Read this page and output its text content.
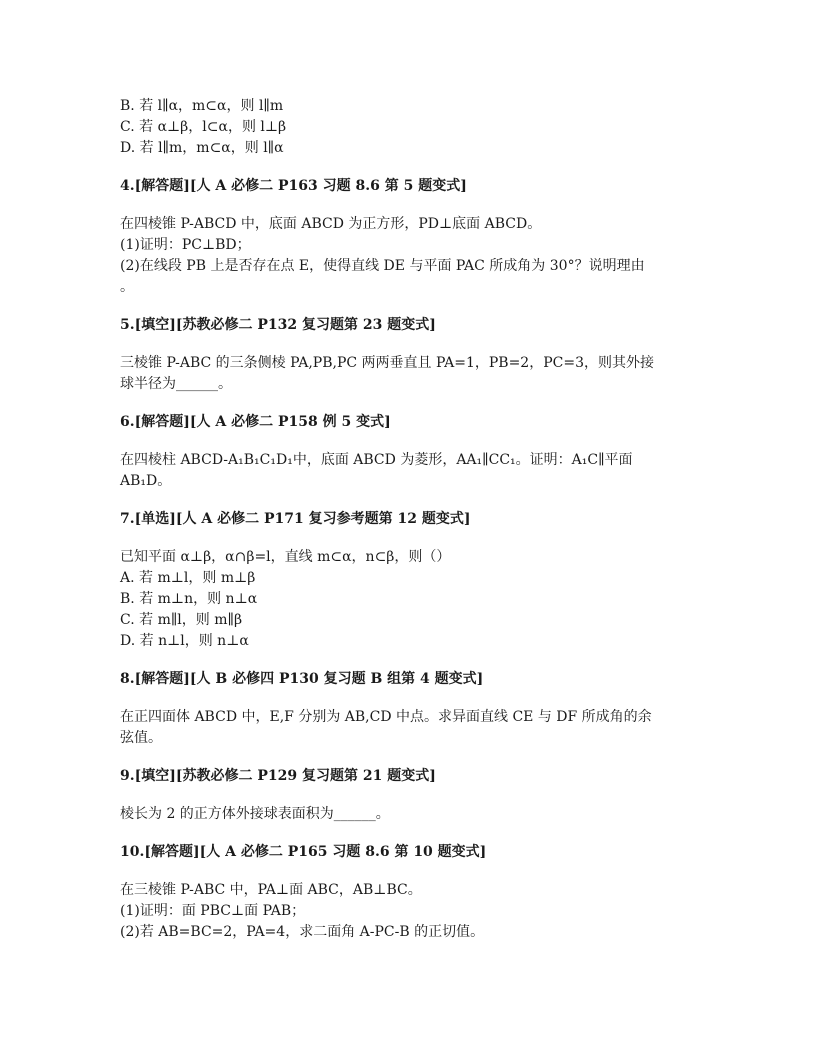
B. 若 l∥α，m⊂α，则 l∥m
C. 若 α⊥β，l⊂α，则 l⊥β
D. 若 l∥m，m⊂α，则 l∥α
4.[解答题][人 A 必修二 P163 习题 8.6 第 5 题变式]
在四棱锥 P-ABCD 中，底面 ABCD 为正方形，PD⊥底面 ABCD。
(1)证明：PC⊥BD；
(2)在线段 PB 上是否存在点 E，使得直线 DE 与平面 PAC 所成角为 30°？说明理由
。
5.[填空][苏教必修二 P132 复习题第 23 题变式]
三棱锥 P-ABC 的三条侧棱 PA,PB,PC 两两垂直且 PA=1，PB=2，PC=3，则其外接
球半径为______。
6.[解答题][人 A 必修二 P158 例 5 变式]
在四棱柱 ABCD-A₁B₁C₁D₁中，底面 ABCD 为菱形，AA₁∥CC₁。证明：A₁C∥平面
AB₁D。
7.[单选][人 A 必修二 P171 复习参考题第 12 题变式]
已知平面 α⊥β，α∩β=l，直线 m⊂α，n⊂β，则（）
A. 若 m⊥l，则 m⊥β
B. 若 m⊥n，则 n⊥α
C. 若 m∥l，则 m∥β
D. 若 n⊥l，则 n⊥α
8.[解答题][人 B 必修四 P130 复习题 B 组第 4 题变式]
在正四面体 ABCD 中，E,F 分别为 AB,CD 中点。求异面直线 CE 与 DF 所成角的余
弦值。
9.[填空][苏教必修二 P129 复习题第 21 题变式]
棱长为 2 的正方体外接球表面积为______。
10.[解答题][人 A 必修二 P165 习题 8.6 第 10 题变式]
在三棱锥 P-ABC 中，PA⊥面 ABC，AB⊥BC。
(1)证明：面 PBC⊥面 PAB；
(2)若 AB=BC=2，PA=4，求二面角 A-PC-B 的正切值。
